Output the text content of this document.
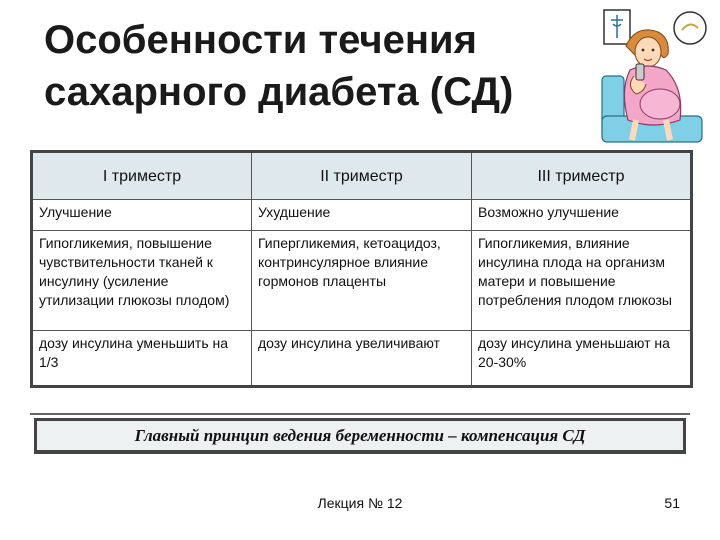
Особенности течения
сахарного диабета (СД)
I триместр	II триместр	III триместр
Улучшение	Ухудшение	Возможно улучшение
Гипогликемия, повышение чувствительности тканей к инсулину (усиление утилизации глюкозы плодом)	Гипергликемия, кетоацидоз, контринсулярное влияние гормонов плаценты	Гипогликемия, влияние инсулина плода на организм матери и повышение потребления плодом глюкозы
дозу инсулина уменьшить на 1/3	дозу инсулина увеличивают	дозу инсулина уменьшают на 20-30%
Главный принцип ведения беременности – компенсация СД
Лекция № 12	51
